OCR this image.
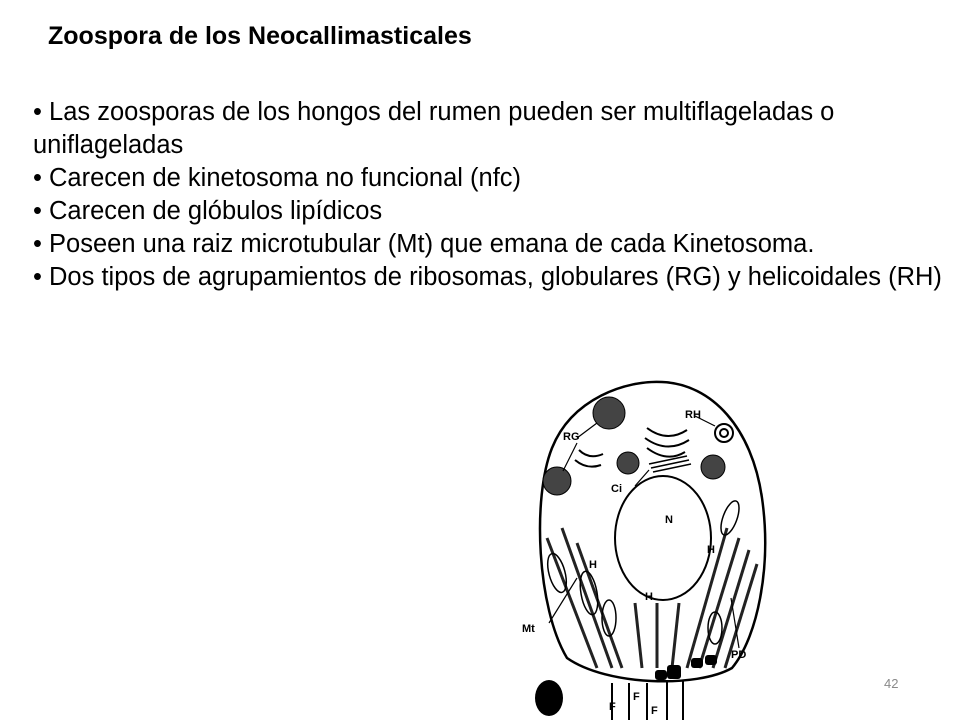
Zoospora de los Neocallimasticales

• Las zoosporas de los hongos del rumen pueden ser multiflageladas o uniflageladas

• Carecen de kinetosoma no funcional (nfc)

• Carecen de glóbulos lipídicos

• Poseen una raiz microtubular (Mt) que emana de cada Kinetosoma.

• Dos tipos de agrupamientos de ribosomas, globulares (RG) y helicoidales (RH)

RG
RH
Ci
N
H
H
H
Mt
PD
F
F
F
42
